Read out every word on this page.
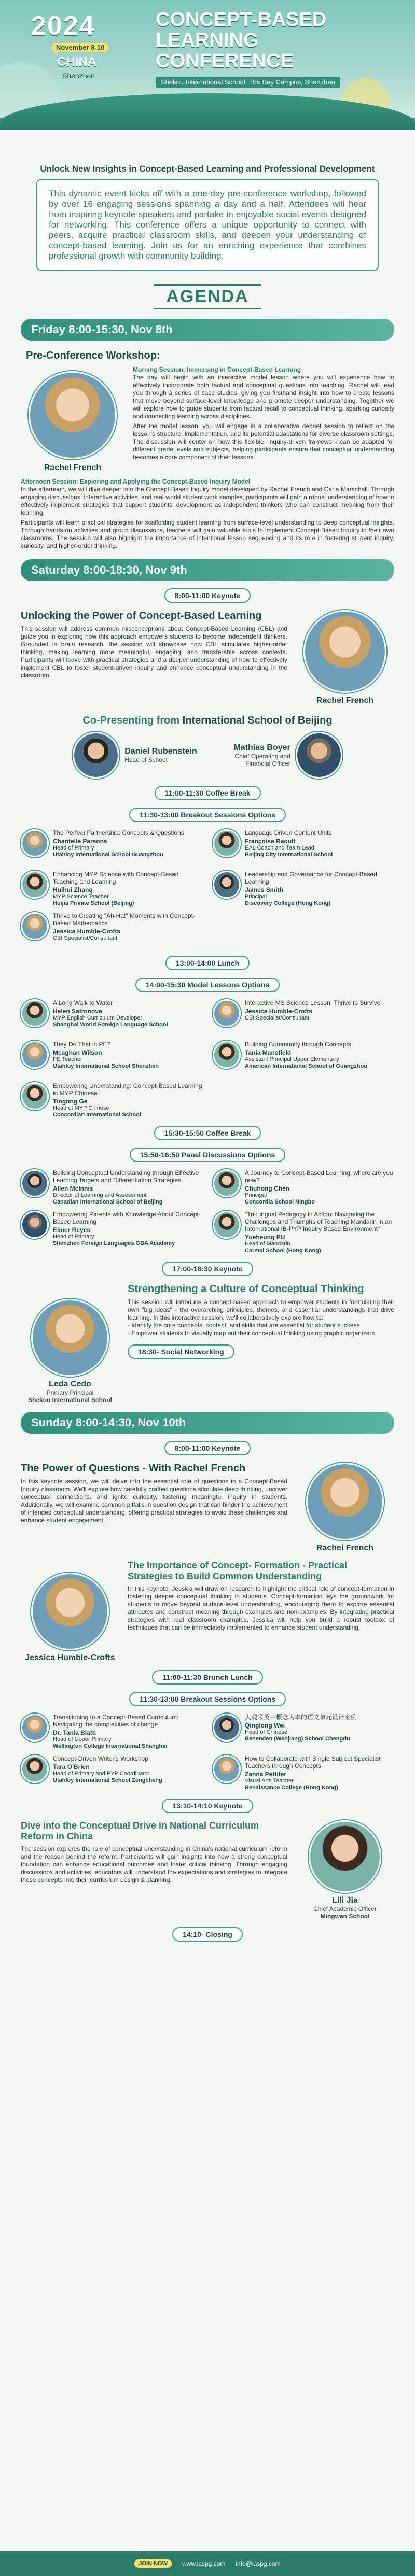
2024
November 8-10
CHINA
Shenzhen
CONCEPT-BASED LEARNING CONFERENCE
Shekou International School, The Bay Campus, Shenzhen
Unlock New Insights in Concept-Based Learning and Professional Development
This dynamic event kicks off with a one-day pre-conference workshop, followed by over 16 engaging sessions spanning a day and a half. Attendees will hear from inspiring keynote speakers and partake in enjoyable social events designed for networking. This conference offers a unique opportunity to connect with peers, acquire practical classroom skills, and deepen your understanding of concept-based learning. Join us for an enriching experience that combines professional growth with community building.
AGENDA
Friday 8:00-15:30, Nov 8th
Pre-Conference Workshop:
Rachel French
Morning Session: Immersing in Concept-Based Learning
The day will begin with an interactive model lesson where you will experience how to effectively incorporate both factual and conceptual questions into teaching. Rachel will lead you through a series of case studies, giving you firsthand insight into how to create lessons that move beyond surface-level knowledge and promote deeper understanding. Together we will explore how to guide students from factual recall to conceptual thinking, sparking curiosity and connecting learning across disciplines.
After the model lesson, you will engage in a collaborative debrief session to reflect on the lesson's structure, implementation, and its potential adaptations for diverse classroom settings. The discussion will center on how this flexible, inquiry-driven framework can be adapted for different grade levels and subjects, helping participants ensure that conceptual understanding becomes a core component of their lessons.
Afternoon Session: Exploring and Applying the Concept-Based Inquiry Model
In the afternoon, we will dive deeper into the Concept-Based Inquiry model developed by Rachel French and Carla Marschall. Through engaging discussions, interactive activities, and real-world student work samples, participants will gain a robust understanding of how to effectively implement strategies that support students' development as independent thinkers who can construct meaning from their learning.
Participants will learn practical strategies for scaffolding student learning from surface-level understanding to deep conceptual insights. Through hands-on activities and group discussions, teachers will gain valuable tools to implement Concept-Based Inquiry in their own classrooms. The session will also highlight the importance of intentional lesson sequencing and its role in fostering student inquiry, curiosity, and higher-order thinking.
Saturday 8:00-18:30, Nov 9th
8:00-11:00 Keynote
Unlocking the Power of Concept-Based Learning
This session will address common misconceptions about Concept-Based Learning (CBL) and guide you in exploring how this approach empowers students to become independent thinkers. Grounded in brain research, the session will showcase how CBL stimulates higher-order thinking, making learning more meaningful, engaging, and transferable across contexts. Participants will leave with practical strategies and a deeper understanding of how to effectively implement CBL to foster student-driven inquiry and enhance conceptual understanding in the classroom.
Rachel French
Co-Presenting from International School of Beijing
Daniel Rubenstein
Head of School
Mathias Boyer
Chief Operating and Financial Officer
11:00-11:30 Coffee Break
11:30-13:00 Breakout Sessions Options
The Perfect Partnership: Concepts & Questions
Chantelle Parsons
Head of Primary
Utahloy International School Guangzhou
Language Driven Content Units
Françoise Raoult
EAL Coach and Team Lead
Beijing City International School
Enhancing MYP Science with Concept-Based Teaching and Learning
Huihui Zhang
MYP Science Teacher
Huijia Private School (Beijing)
Leadership and Governance for Concept-Based Learning
James Smith
Principal
Discovery College (Hong Kong)
Thrive to Creating "Ah-Ha!" Moments with Concept-Based Mathematics
Jessica Humble-Crofts
CBI Specialist/Consultant
13:00-14:00 Lunch
14:00-15:30 Model Lessons Options
A Long Walk to Water
Helen Safronova
MYP English Curriculum Developer
Shanghai World Foreign Language School
Interactive MS Science Lesson: Thrive to Survive
Jessica Humble-Crofts
CBI Specialist/Consultant
They Do That in PE?
Meaghan Wilson
PE Teacher
Utahloy International School Shenzhen
Building Community through Concepts
Tania Mansfield
Assistant Principal Upper Elementary
American International School of Guangzhou
Empowering Understanding: Concept-Based Learning in MYP Chinese
Tingting Ge
Head of MYP Chinese
Concordian International School
15:30-15:50 Coffee Break
15:50-16:50 Panel Discussions Options
Building Conceptual Understanding through Effective Learning Targets and Differentiation Strategies
Allen McInnis
Director of Learning and Assessment
Canadian International School of Beijing
A Journey to Concept-Based Learning: where are you now?
Chuhong Chen
Principal
Concordia School Ningbo
Empowering Parents with Knowledge About Concept-Based Learning
Elmer Reyes
Head of Primary
Shenzhen Foreign Languages GBA Academy
"Tri-Lingual Pedagogy in Action: Navigating the Challenges and Triumphs of Teaching Mandarin in an International IB-PYP Inquiry Based Environment"
Yueheung PU
Head of Mandarin
Carmel School (Hong Kong)
17:00-18:30 Keynote
Leda Cedo
Primary Principal
Shekou International School
Strengthening a Culture of Conceptual Thinking
This session will introduce a concept-based approach to empower students in formulating their own "big ideas" - the overarching principles, themes, and essential understandings that drive learning. In this interactive session, we'll collaboratively explore how to:
- Identify the core concepts, content, and skills that are essential for student success.
- Empower students to visually map out their conceptual thinking using graphic organizers
18:30- Social Networking
Sunday 8:00-14:30, Nov 10th
8:00-11:00 Keynote
The Power of Questions - With Rachel French
In this keynote session, we will delve into the essential role of questions in a Concept-Based Inquiry classroom. We'll explore how carefully crafted questions stimulate deep thinking, uncover conceptual connections, and ignite curiosity, fostering meaningful inquiry in students. Additionally, we will examine common pitfalls in question design that can hinder the achievement of intended conceptual understanding, offering practical strategies to avoid these challenges and enhance student engagement.
Rachel French
Jessica Humble-Crofts
The Importance of Concept- Formation - Practical Strategies to Build Common Understanding
In this keynote, Jessica will draw on research to highlight the critical role of concept-formation in fostering deeper conceptual thinking in students. Concept-formation lays the groundwork for students to move beyond surface-level understanding, encouraging them to explore essential attributes and construct meaning through examples and non-examples. By integrating practical strategies with real classroom examples, Jessica will help you build a robust toolbox of techniques that can be immediately implemented to enhance student understanding.
11:00-11:30 Brunch Lunch
11:30-13:00 Breakout Sessions Options
Transitioning to a Concept-Based Curriculum: Navigating the complexities of change
Dr. Tania Blatti
Head of Upper Primary
Wellington College International Shanghai
大观采英—概念为本的语文单元设计案例
Qinglong Wei
Head of Chinese
Benenden (Wenjiang) School Chengdu
Concept-Driven Writer's Workshop
Tara O'Brien
Head of Primary and PYP Coordinator
Utahloy International School Zengcheng
How to Collaborate with Single Subject Specialist Teachers through Concepts
Zanna Pettifer
Visual Arts Teacher
Renaissance College (Hong Kong)
13:10-14:10 Keynote
Dive into the Conceptual Drive in National Curriculum Reform in China
The session explores the role of conceptual understanding in China's national curriculum reform and the reason behind the reform. Participants will gain insights into how a strong conceptual foundation can enhance educational outcomes and foster critical thinking. Through engaging discussions and activities, educators will understand the expectations and strategies to integrate these concepts into their curriculum design & planning.
Lili Jia
Chief Academic Officer
Mingwan School
14:10- Closing
JOIN NOW	www.iaspg.com info@iaspg.com
